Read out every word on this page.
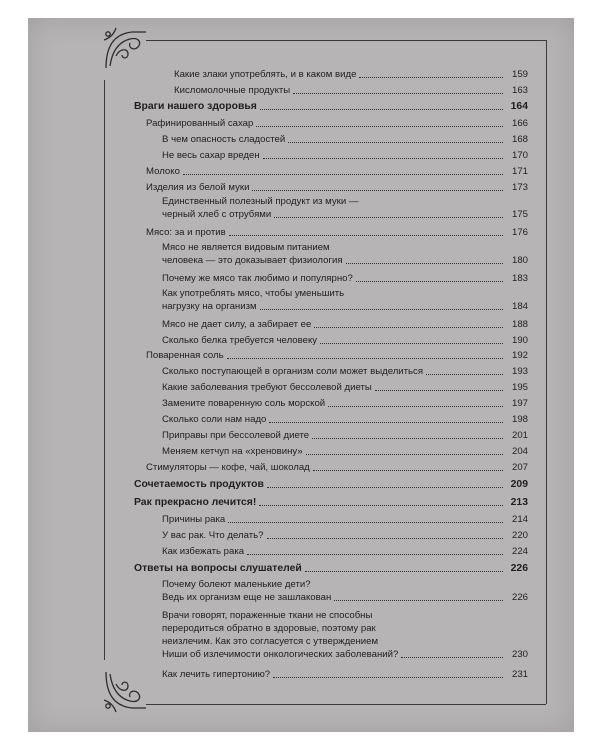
Какие злаки употреблять, и в каком виде	159
Кисломолочные продукты	163
Враги нашего здоровья	164
Рафинированный сахар	166
В чем опасность сладостей	168
Не весь сахар вреден	170
Молоко	171
Изделия из белой муки	173
Единственный полезный продукт из муки —
черный хлеб с отрубями	175
Мясо: за и против	176
Мясо не является видовым питанием
человека — это доказывает физиология	180
Почему же мясо так любимо и популярно?	183
Как употреблять мясо, чтобы уменьшить
нагрузку на организм	184
Мясо не дает силу, а забирает ее	188
Сколько белка требуется человеку	190
Поваренная соль	192
Сколько поступающей в организм соли может выделиться	193
Какие заболевания требуют бессолевой диеты	195
Замените поваренную соль морской	197
Сколько соли нам надо	198
Приправы при бессолевой диете	201
Меняем кетчуп на «хреновину»	204
Стимуляторы — кофе, чай, шоколад	207
Сочетаемость продуктов	209
Рак прекрасно лечится!	213
Причины рака	214
У вас рак. Что делать?	220
Как избежать рака	224
Ответы на вопросы слушателей	226
Почему болеют маленькие дети?
Ведь их организм еще не зашлакован	226
Врачи говорят, пораженные ткани не способны
переродиться обратно в здоровые, поэтому рак
неизлечим. Как это согласуется с утверждением
Ниши об излечимости онкологических заболеваний?	230
Как лечить гипертонию?	231
